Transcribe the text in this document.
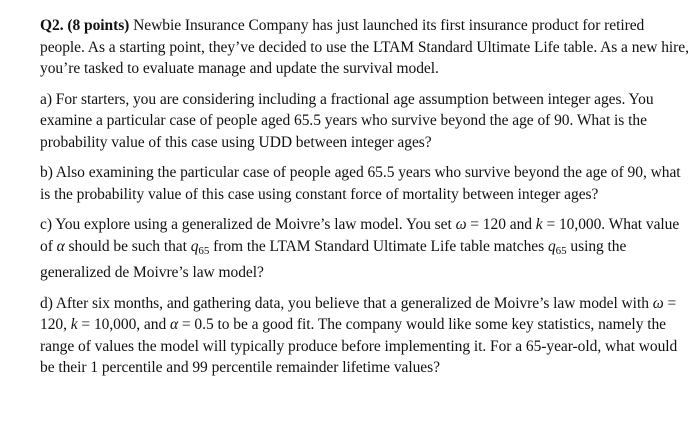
Q2. (8 points) Newbie Insurance Company has just launched its first insurance product for retired people. As a starting point, they’ve decided to use the LTAM Standard Ultimate Life table. As a new hire, you’re tasked to evaluate manage and update the survival model.

a) For starters, you are considering including a fractional age assumption between integer ages. You examine a particular case of people aged 65.5 years who survive beyond the age of 90. What is the probability value of this case using UDD between integer ages?

b) Also examining the particular case of people aged 65.5 years who survive beyond the age of 90, what is the probability value of this case using constant force of mortality between integer ages?

c) You explore using a generalized de Moivre’s law model. You set ω = 120 and k = 10,000. What value of α should be such that $q_{65}$ from the LTAM Standard Ultimate Life table matches $q_{65}$ using the generalized de Moivre’s law model?

d) After six months, and gathering data, you believe that a generalized de Moivre’s law model with ω = 120, k = 10,000, and α = 0.5 to be a good fit. The company would like some key statistics, namely the range of values the model will typically produce before implementing it. For a 65-year-old, what would be their 1 percentile and 99 percentile remainder lifetime values?
